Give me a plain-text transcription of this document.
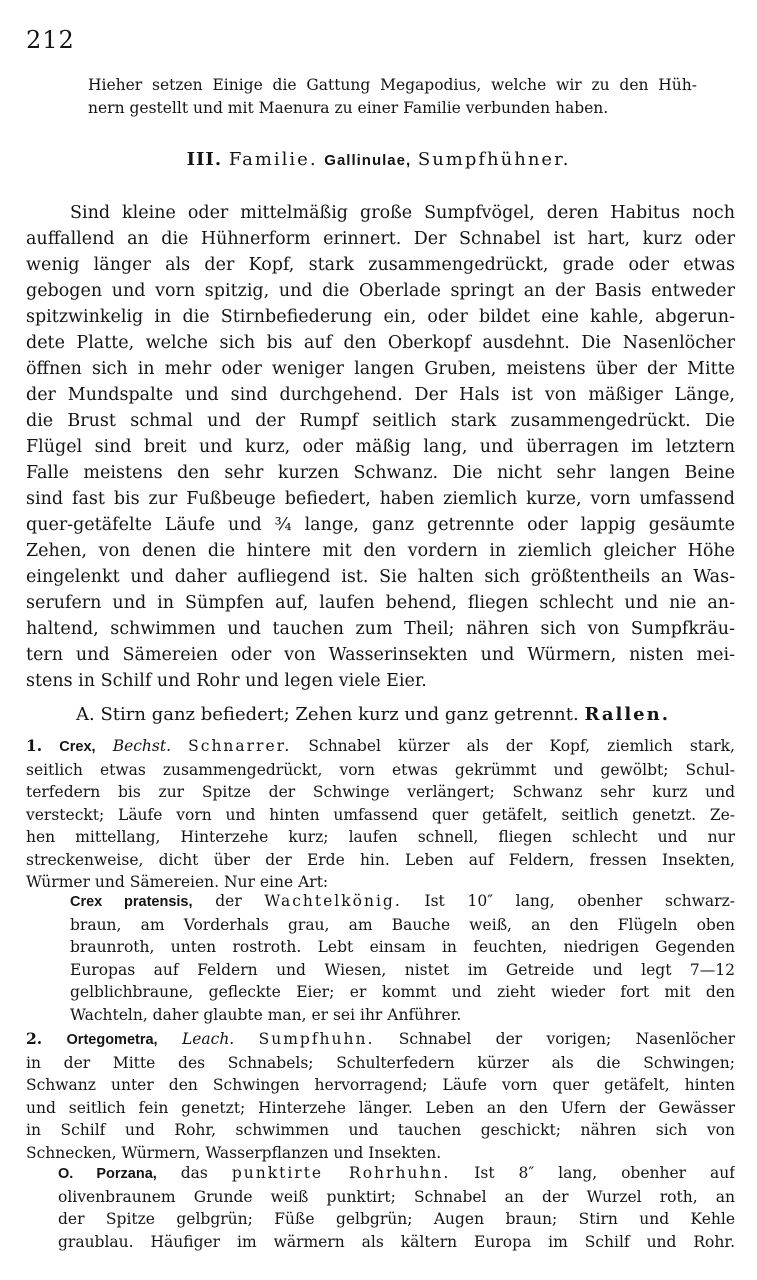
212
Hieher setzen Einige die Gattung Megapodius, welche wir zu den Hüh-
nern gestellt und mit Maenura zu einer Familie verbunden haben.
III. Familie. Gallinulae, Sumpfhühner.
Sind kleine oder mittelmäßig große Sumpfvögel, deren Habitus noch
auffallend an die Hühnerform erinnert. Der Schnabel ist hart, kurz oder
wenig länger als der Kopf, stark zusammengedrückt, grade oder etwas
gebogen und vorn spitzig, und die Oberlade springt an der Basis entweder
spitzwinkelig in die Stirnbefiederung ein, oder bildet eine kahle, abgerun-
dete Platte, welche sich bis auf den Oberkopf ausdehnt. Die Nasenlöcher
öffnen sich in mehr oder weniger langen Gruben, meistens über der Mitte
der Mundspalte und sind durchgehend. Der Hals ist von mäßiger Länge,
die Brust schmal und der Rumpf seitlich stark zusammengedrückt. Die
Flügel sind breit und kurz, oder mäßig lang, und überragen im letztern
Falle meistens den sehr kurzen Schwanz. Die nicht sehr langen Beine
sind fast bis zur Fußbeuge befiedert, haben ziemlich kurze, vorn umfassend
quer-getäfelte Läufe und ¾ lange, ganz getrennte oder lappig gesäumte
Zehen, von denen die hintere mit den vordern in ziemlich gleicher Höhe
eingelenkt und daher aufliegend ist. Sie halten sich größtentheils an Was-
serufern und in Sümpfen auf, laufen behend, fliegen schlecht und nie an-
haltend, schwimmen und tauchen zum Theil; nähren sich von Sumpfkräu-
tern und Sämereien oder von Wasserinsekten und Würmern, nisten mei-
stens in Schilf und Rohr und legen viele Eier.
A. Stirn ganz befiedert; Zehen kurz und ganz getrennt. Rallen.
1. Crex, Bechst. Schnarrer. Schnabel kürzer als der Kopf, ziemlich stark,
seitlich etwas zusammengedrückt, vorn etwas gekrümmt und gewölbt; Schul-
terfedern bis zur Spitze der Schwinge verlängert; Schwanz sehr kurz und
versteckt; Läufe vorn und hinten umfassend quer getäfelt, seitlich genetzt. Ze-
hen mittellang, Hinterzehe kurz; laufen schnell, fliegen schlecht und nur
streckenweise, dicht über der Erde hin. Leben auf Feldern, fressen Insekten,
Würmer und Sämereien. Nur eine Art:
Crex pratensis, der Wachtelkönig. Ist 10″ lang, obenher schwarz-
braun, am Vorderhals grau, am Bauche weiß, an den Flügeln oben
braunroth, unten rostroth. Lebt einsam in feuchten, niedrigen Gegenden
Europas auf Feldern und Wiesen, nistet im Getreide und legt 7—12
gelblichbraune, gefleckte Eier; er kommt und zieht wieder fort mit den
Wachteln, daher glaubte man, er sei ihr Anführer.
2. Ortegometra, Leach. Sumpfhuhn. Schnabel der vorigen; Nasenlöcher
in der Mitte des Schnabels; Schulterfedern kürzer als die Schwingen;
Schwanz unter den Schwingen hervorragend; Läufe vorn quer getäfelt, hinten
und seitlich fein genetzt; Hinterzehe länger. Leben an den Ufern der Gewässer
in Schilf und Rohr, schwimmen und tauchen geschickt; nähren sich von
Schnecken, Würmern, Wasserpflanzen und Insekten.
O. Porzana, das punktirte Rohrhuhn. Ist 8″ lang, obenher auf
olivenbraunem Grunde weiß punktirt; Schnabel an der Wurzel roth, an
der Spitze gelbgrün; Füße gelbgrün; Augen braun; Stirn und Kehle
graublau. Häufiger im wärmern als kältern Europa im Schilf und Rohr.
